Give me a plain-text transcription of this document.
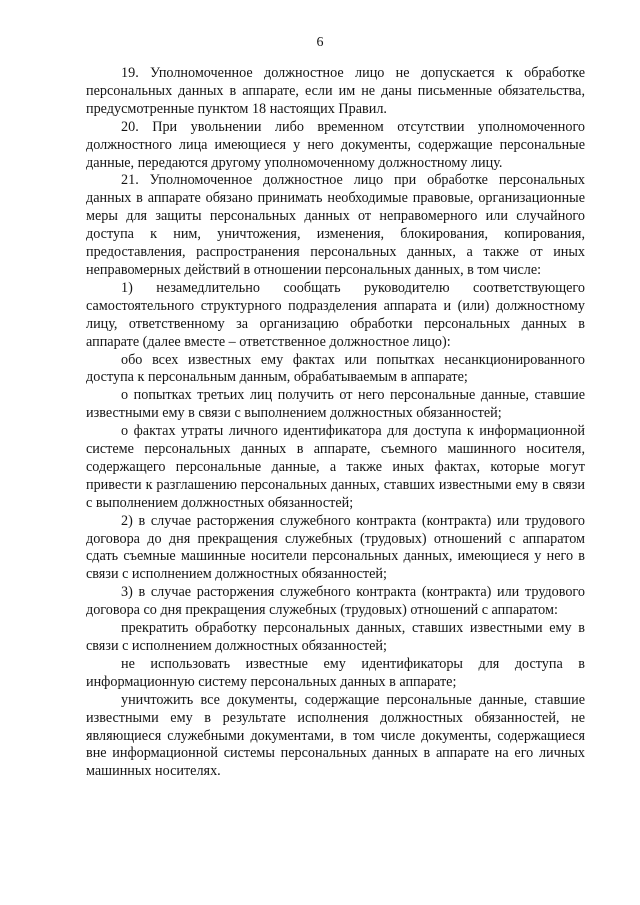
6

19. Уполномоченное должностное лицо не допускается к обработке персональных данных в аппарате, если им не даны письменные обязательства, предусмотренные пунктом 18 настоящих Правил.

20. При увольнении либо временном отсутствии уполномоченного должностного лица имеющиеся у него документы, содержащие персональные данные, передаются другому уполномоченному должностному лицу.

21. Уполномоченное должностное лицо при обработке персональных данных в аппарате обязано принимать необходимые правовые, организационные меры для защиты персональных данных от неправомерного или случайного доступа к ним, уничтожения, изменения, блокирования, копирования, предоставления, распространения персональных данных, а также от иных неправомерных действий в отношении персональных данных, в том числе:

1) незамедлительно сообщать руководителю соответствующего самостоятельного структурного подразделения аппарата и (или) должностному лицу, ответственному за организацию обработки персональных данных в аппарате (далее вместе – ответственное должностное лицо):

обо всех известных ему фактах или попытках несанкционированного доступа к персональным данным, обрабатываемым в аппарате;

о попытках третьих лиц получить от него персональные данные, ставшие известными ему в связи с выполнением должностных обязанностей;

о фактах утраты личного идентификатора для доступа к информационной системе персональных данных в аппарате, съемного машинного носителя, содержащего персональные данные, а также иных фактах, которые могут привести к разглашению персональных данных, ставших известными ему в связи с выполнением должностных обязанностей;

2) в случае расторжения служебного контракта (контракта) или трудового договора до дня прекращения служебных (трудовых) отношений с аппаратом сдать съемные машинные носители персональных данных, имеющиеся у него в связи с исполнением должностных обязанностей;

3) в случае расторжения служебного контракта (контракта) или трудового договора со дня прекращения служебных (трудовых) отношений с аппаратом:

прекратить обработку персональных данных, ставших известными ему в связи с исполнением должностных обязанностей;

не использовать известные ему идентификаторы для доступа в информационную систему персональных данных в аппарате;

уничтожить все документы, содержащие персональные данные, ставшие известными ему в результате исполнения должностных обязанностей, не являющиеся служебными документами, в том числе документы, содержащиеся вне информационной системы персональных данных в аппарате на его личных машинных носителях.
